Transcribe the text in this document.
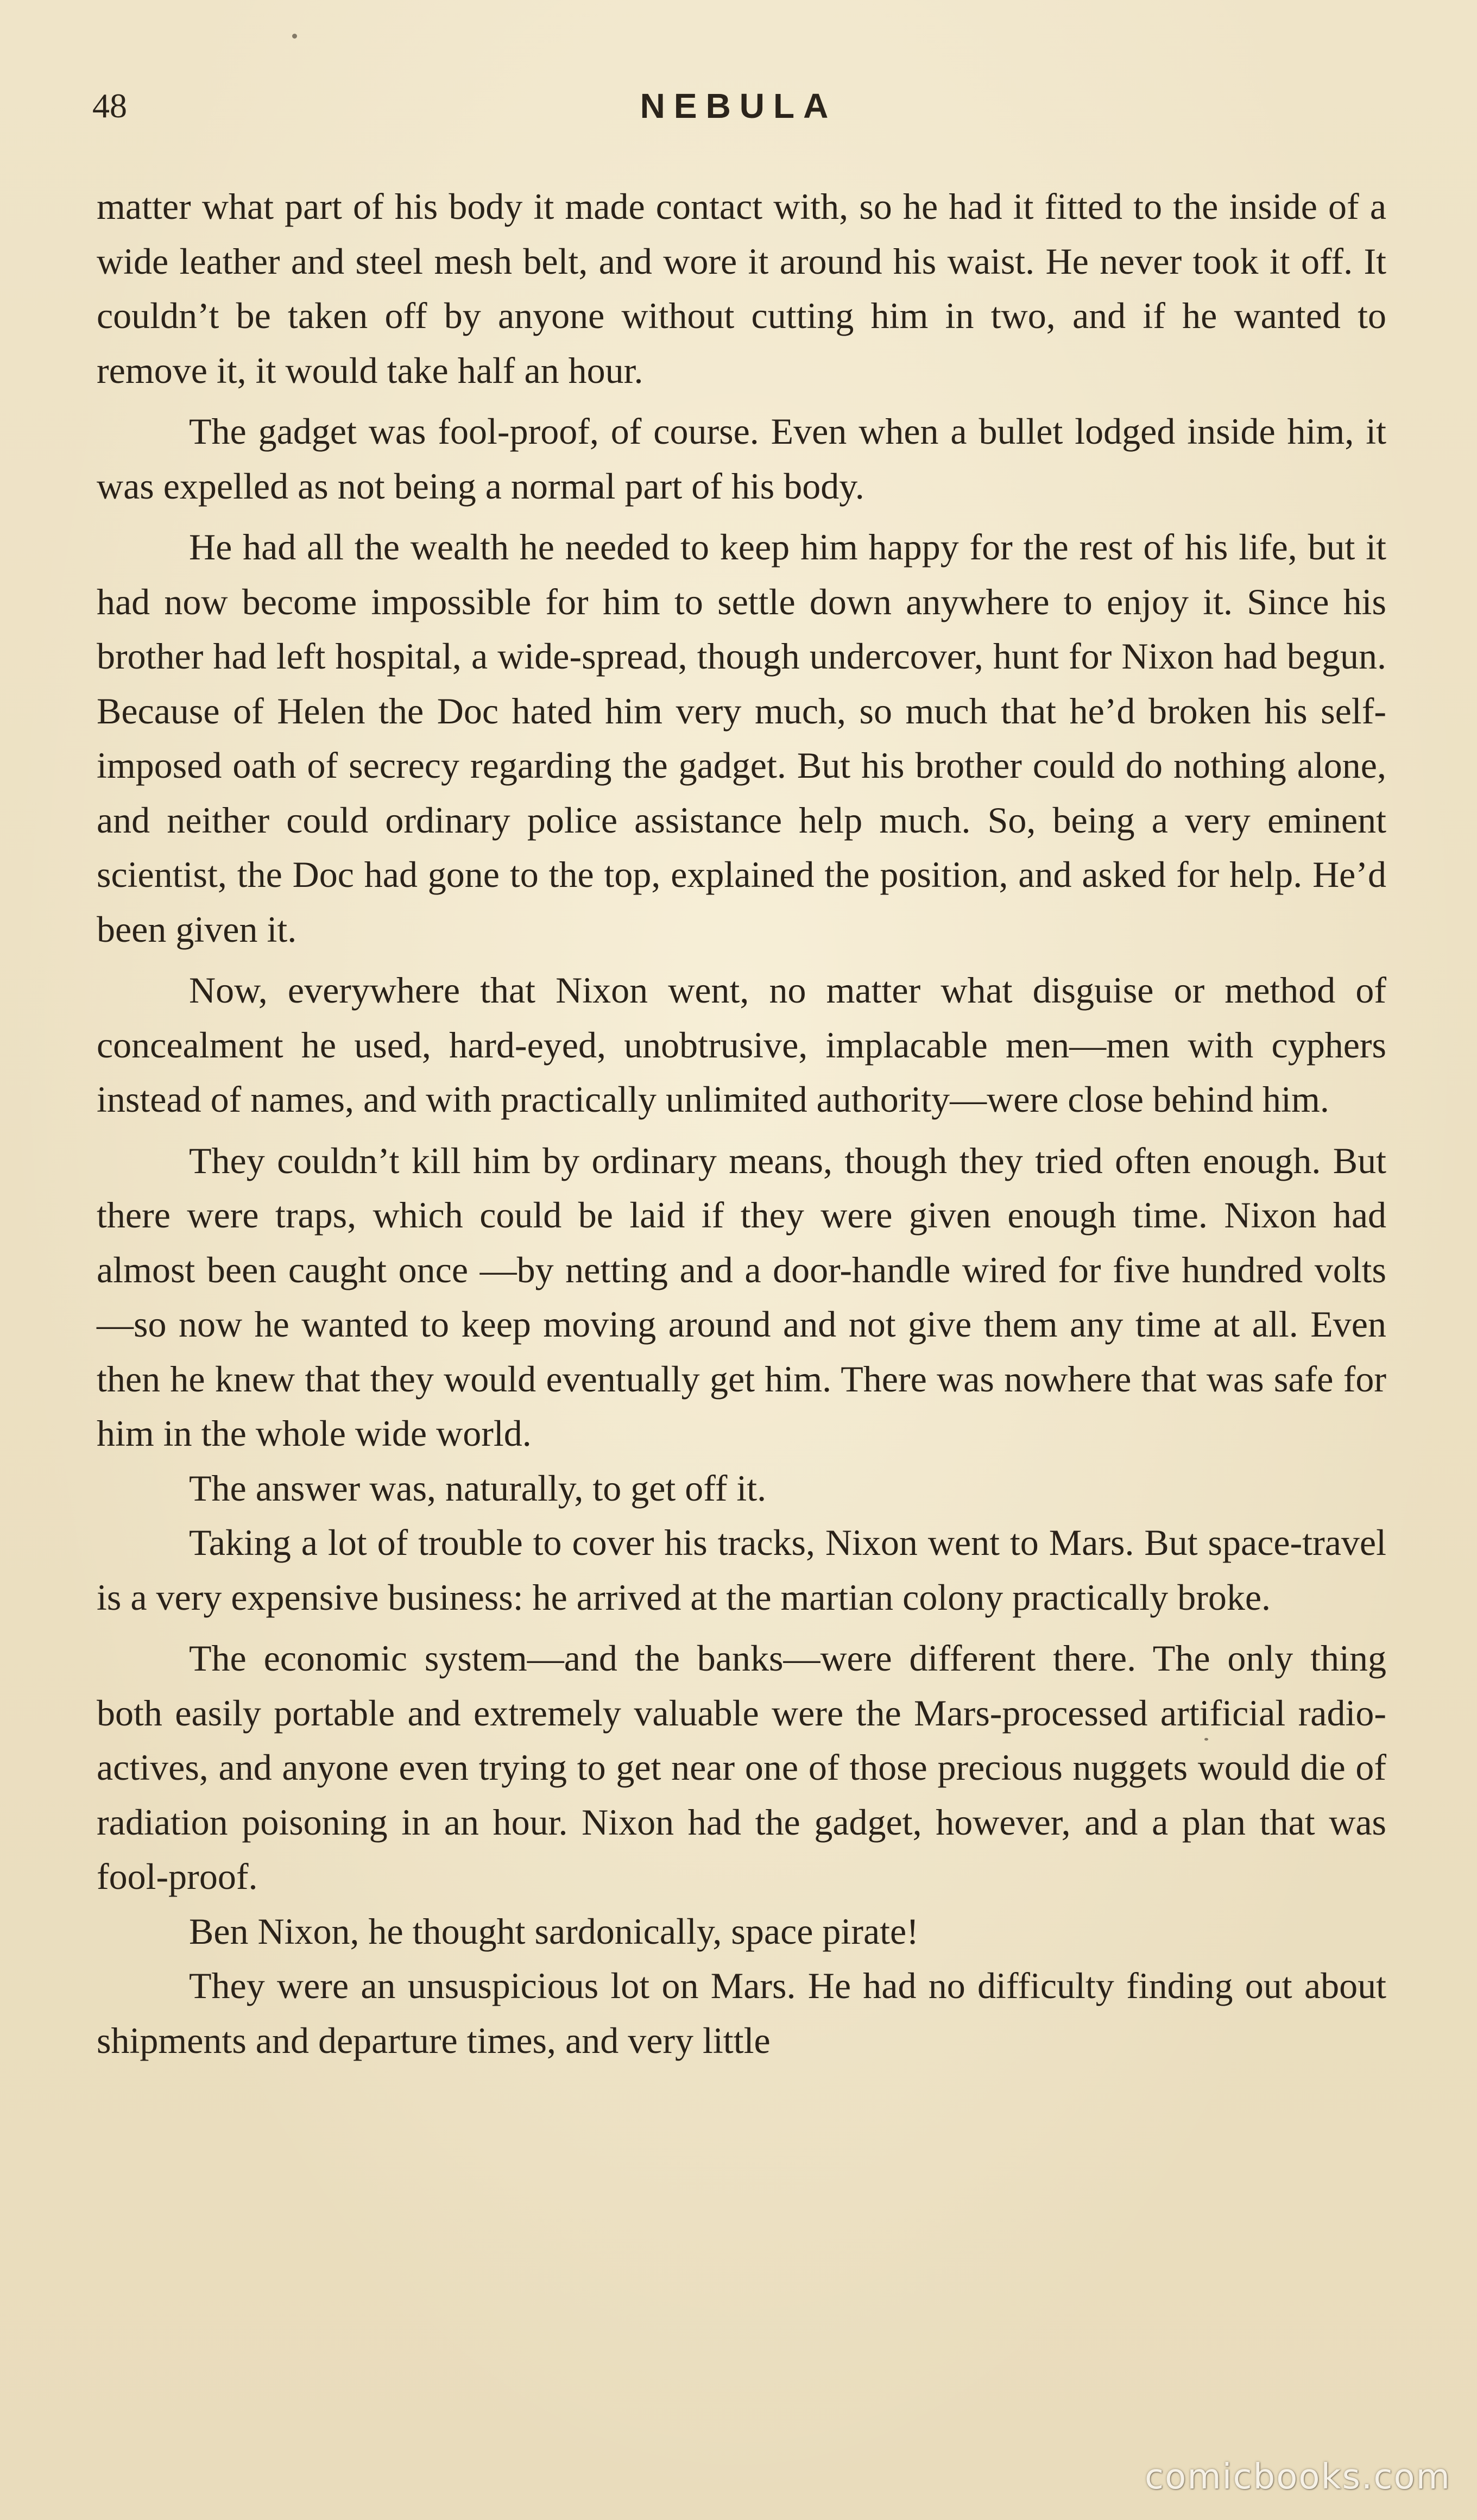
48	NEBULA

matter what part of his body it made contact with, so he had it fitted to the inside of a wide leather and steel mesh belt, and wore it around his waist. He never took it off. It couldn’t be taken off by anyone without cutting him in two, and if he wanted to remove it, it would take half an hour.

The gadget was fool-proof, of course. Even when a bullet lodged inside him, it was expelled as not being a normal part of his body.

He had all the wealth he needed to keep him happy for the rest of his life, but it had now become impossible for him to settle down anywhere to enjoy it. Since his brother had left hospital, a wide-spread, though undercover, hunt for Nixon had begun. Because of Helen the Doc hated him very much, so much that he’d broken his self-imposed oath of secrecy regarding the gadget. But his brother could do nothing alone, and neither could ordinary police assistance help much. So, being a very eminent scientist, the Doc had gone to the top, explained the position, and asked for help. He’d been given it.

Now, everywhere that Nixon went, no matter what disguise or method of concealment he used, hard-eyed, unobtrusive, implacable men—men with cyphers instead of names, and with practically unlimited authority—were close behind him.

They couldn’t kill him by ordinary means, though they tried often enough. But there were traps, which could be laid if they were given enough time. Nixon had almost been caught once —by netting and a door-handle wired for five hundred volts—so now he wanted to keep moving around and not give them any time at all. Even then he knew that they would eventually get him. There was nowhere that was safe for him in the whole wide world.

The answer was, naturally, to get off it.

Taking a lot of trouble to cover his tracks, Nixon went to Mars. But space-travel is a very expensive business: he arrived at the martian colony practically broke.

The economic system—and the banks—were different there. The only thing both easily portable and extremely valuable were the Mars-processed artificial radio-actives, and anyone even trying to get near one of those precious nuggets would die of radiation poisoning in an hour. Nixon had the gadget, however, and a plan that was fool-proof.

Ben Nixon, he thought sardonically, space pirate!

They were an unsuspicious lot on Mars. He had no difficulty finding out about shipments and departure times, and very little

comicbooks.com
